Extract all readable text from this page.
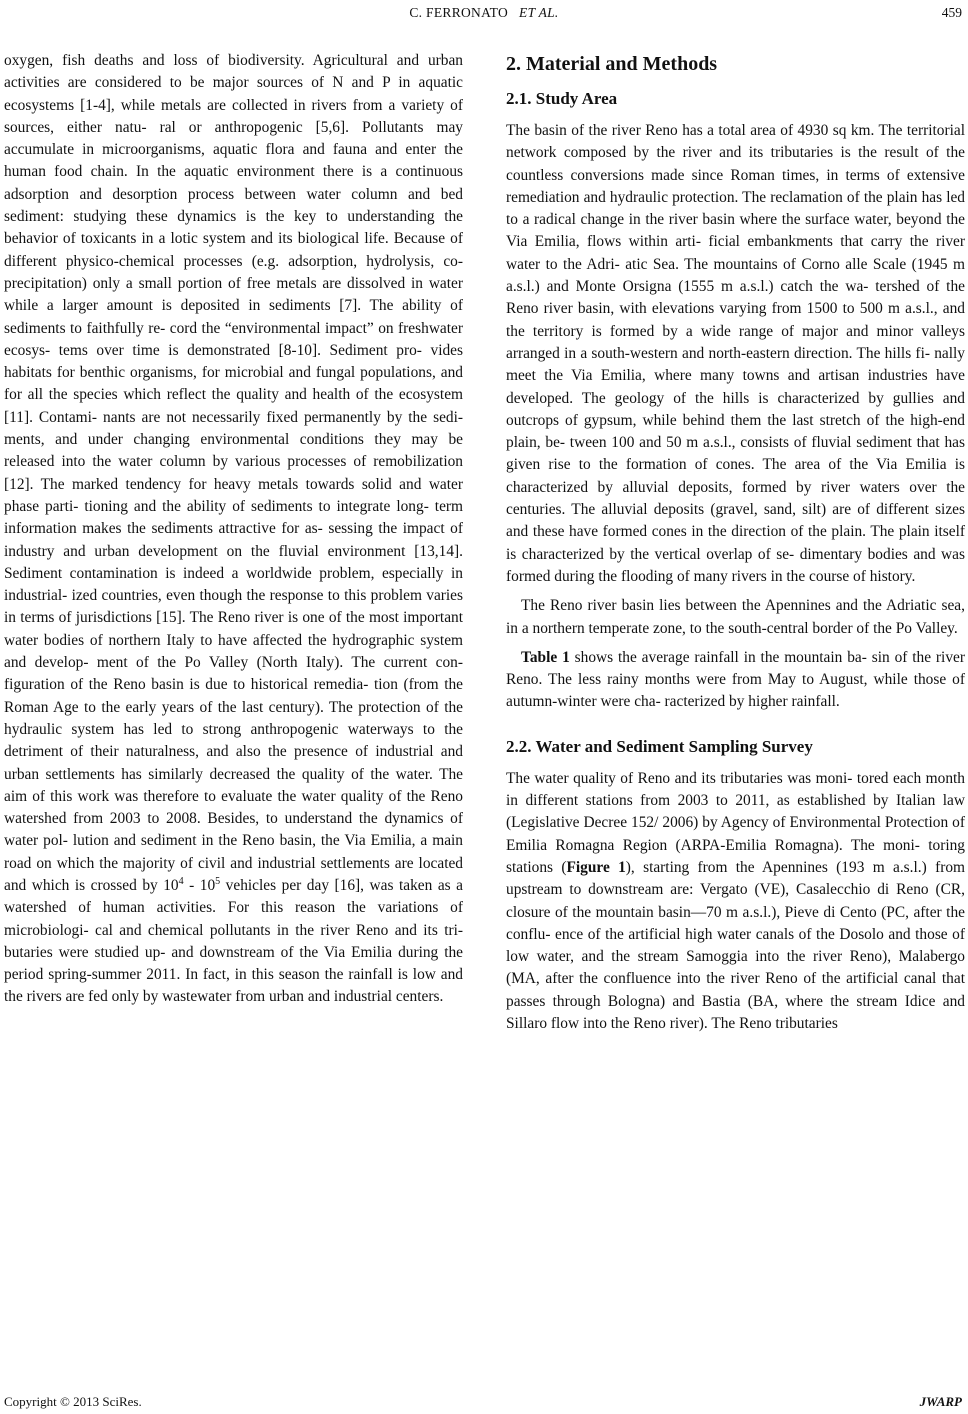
C. FERRONATO ET AL.	459

oxygen, fish deaths and loss of biodiversity. Agricultural and urban activities are considered to be major sources of N and P in aquatic ecosystems [1-4], while metals are collected in rivers from a variety of sources, either natu- ral or anthropogenic [5,6]. Pollutants may accumulate in microorganisms, aquatic flora and fauna and enter the human food chain. In the aquatic environment there is a continuous adsorption and desorption process between water column and bed sediment: studying these dynamics is the key to understanding the behavior of toxicants in a lotic system and its biological life. Because of different physico-chemical processes (e.g. adsorption, hydrolysis, co-precipitation) only a small portion of free metals are dissolved in water while a larger amount is deposited in sediments [7]. The ability of sediments to faithfully re- cord the “environmental impact” on freshwater ecosys- tems over time is demonstrated [8-10]. Sediment pro- vides habitats for benthic organisms, for microbial and fungal populations, and for all the species which reflect the quality and health of the ecosystem [11]. Contami- nants are not necessarily fixed permanently by the sedi- ments, and under changing environmental conditions they may be released into the water column by various processes of remobilization [12]. The marked tendency for heavy metals towards solid and water phase parti- tioning and the ability of sediments to integrate long- term information makes the sediments attractive for as- sessing the impact of industry and urban development on the fluvial environment [13,14]. Sediment contamination is indeed a worldwide problem, especially in industrial- ized countries, even though the response to this problem varies in terms of jurisdictions [15]. The Reno river is one of the most important water bodies of northern Italy to have affected the hydrographic system and develop- ment of the Po Valley (North Italy). The current con- figuration of the Reno basin is due to historical remedia- tion (from the Roman Age to the early years of the last century). The protection of the hydraulic system has led to strong anthropogenic waterways to the detriment of their naturalness, and also the presence of industrial and urban settlements has similarly decreased the quality of the water. The aim of this work was therefore to evaluate the water quality of the Reno watershed from 2003 to 2008. Besides, to understand the dynamics of water pol- lution and sediment in the Reno basin, the Via Emilia, a main road on which the majority of civil and industrial settlements are located and which is crossed by $10^4 - 10^5$ vehicles per day [16], was taken as a watershed of human activities. For this reason the variations of microbiologi- cal and chemical pollutants in the river Reno and its tri- butaries were studied up- and downstream of the Via Emilia during the period spring-summer 2011. In fact, in this season the rainfall is low and the rivers are fed only by wastewater from urban and industrial centers.

2. Material and Methods
2.1. Study Area

The basin of the river Reno has a total area of 4930 sq km. The territorial network composed by the river and its tributaries is the result of the countless conversions made since Roman times, in terms of extensive remediation and hydraulic protection. The reclamation of the plain has led to a radical change in the river basin where the surface water, beyond the Via Emilia, flows within arti- ficial embankments that carry the river water to the Adri- atic Sea. The mountains of Corno alle Scale (1945 m a.s.l.) and Monte Orsigna (1555 m a.s.l.) catch the wa- tershed of the Reno river basin, with elevations varying from 1500 to 500 m a.s.l., and the territory is formed by a wide range of major and minor valleys arranged in a south-western and north-eastern direction. The hills fi- nally meet the Via Emilia, where many towns and artisan industries have developed. The geology of the hills is characterized by gullies and outcrops of gypsum, while behind them the last stretch of the high-end plain, be- tween 100 and 50 m a.s.l., consists of fluvial sediment that has given rise to the formation of cones. The area of the Via Emilia is characterized by alluvial deposits, formed by river waters over the centuries. The alluvial deposits (gravel, sand, silt) are of different sizes and these have formed cones in the direction of the plain. The plain itself is characterized by the vertical overlap of se- dimentary bodies and was formed during the flooding of many rivers in the course of history.

The Reno river basin lies between the Apennines and the Adriatic sea, in a northern temperate zone, to the south-central border of the Po Valley.

Table 1 shows the average rainfall in the mountain ba- sin of the river Reno. The less rainy months were from May to August, while those of autumn-winter were cha- racterized by higher rainfall.

2.2. Water and Sediment Sampling Survey

The water quality of Reno and its tributaries was moni- tored each month in different stations from 2003 to 2011, as established by Italian law (Legislative Decree 152/ 2006) by Agency of Environmental Protection of Emilia Romagna Region (ARPA-Emilia Romagna). The moni- toring stations (Figure 1), starting from the Apennines (193 m a.s.l.) from upstream to downstream are: Vergato (VE), Casalecchio di Reno (CR, closure of the mountain basin—70 m a.s.l.), Pieve di Cento (PC, after the conflu- ence of the artificial high water canals of the Dosolo and those of low water, and the stream Samoggia into the river Reno), Malabergo (MA, after the confluence into the river Reno of the artificial canal that passes through Bologna) and Bastia (BA, where the stream Idice and Sillaro flow into the Reno river). The Reno tributaries

Copyright © 2013 SciRes.	JWARP
